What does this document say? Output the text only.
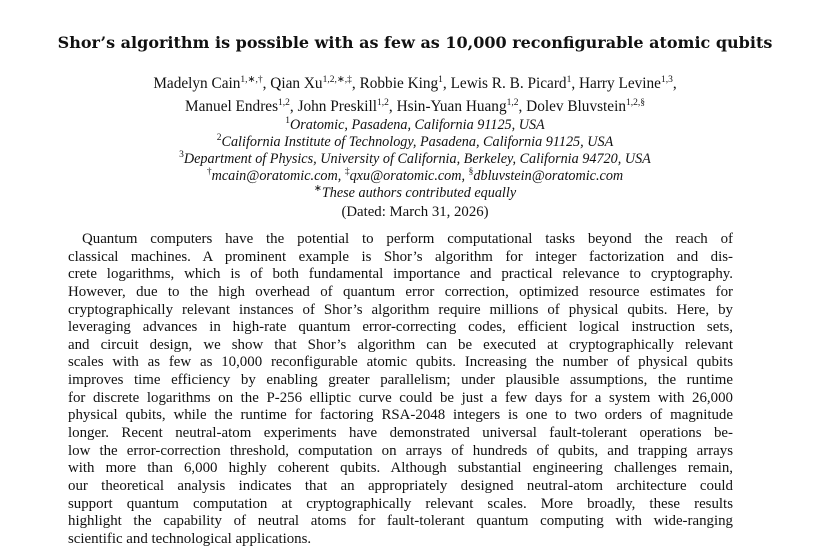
Shor’s algorithm is possible with as few as 10,000 reconfigurable atomic qubits
Madelyn Cain$^{1,∗,\dagger}$, Qian $Xu^{1,2,∗,\ddagger}$, Robbie King$^1$, Lewis R. B. Picard$^1$, Harry Levine$^{1,3}$,
Manuel Endres$^{1,2}$, John Preskill$^{1,2}$, Hsin-Yuan Huang$^{1,2}$, Dolev Bluvstein$^{1,2,\S}$
$^1$Oratomic, Pasadena, California 91125, USA
$^2$California Institute of Technology, Pasadena, California 91125, USA
$^3$Department of Physics, University of California, Berkeley, California 94720, USA
†mcain@oratomic.com, ‡qxu@oratomic.com, §dbluvstein@oratomic.com
∗These authors contributed equally
(Dated: March 31, 2026)
Quantum computers have the potential to perform computational tasks beyond the reach of
classical machines. A prominent example is Shor’s algorithm for integer factorization and dis-
crete logarithms, which is of both fundamental importance and practical relevance to cryptography.
However, due to the high overhead of quantum error correction, optimized resource estimates for
cryptographically relevant instances of Shor’s algorithm require millions of physical qubits. Here, by
leveraging advances in high-rate quantum error-correcting codes, efficient logical instruction sets,
and circuit design, we show that Shor’s algorithm can be executed at cryptographically relevant
scales with as few as 10,000 reconfigurable atomic qubits. Increasing the number of physical qubits
improves time efficiency by enabling greater parallelism; under plausible assumptions, the runtime
for discrete logarithms on the P-256 elliptic curve could be just a few days for a system with 26,000
physical qubits, while the runtime for factoring RSA-2048 integers is one to two orders of magnitude
longer. Recent neutral-atom experiments have demonstrated universal fault-tolerant operations be-
low the error-correction threshold, computation on arrays of hundreds of qubits, and trapping arrays
with more than 6,000 highly coherent qubits. Although substantial engineering challenges remain,
our theoretical analysis indicates that an appropriately designed neutral-atom architecture could
support quantum computation at cryptographically relevant scales. More broadly, these results
highlight the capability of neutral atoms for fault-tolerant quantum computing with wide-ranging
scientific and technological applications.
